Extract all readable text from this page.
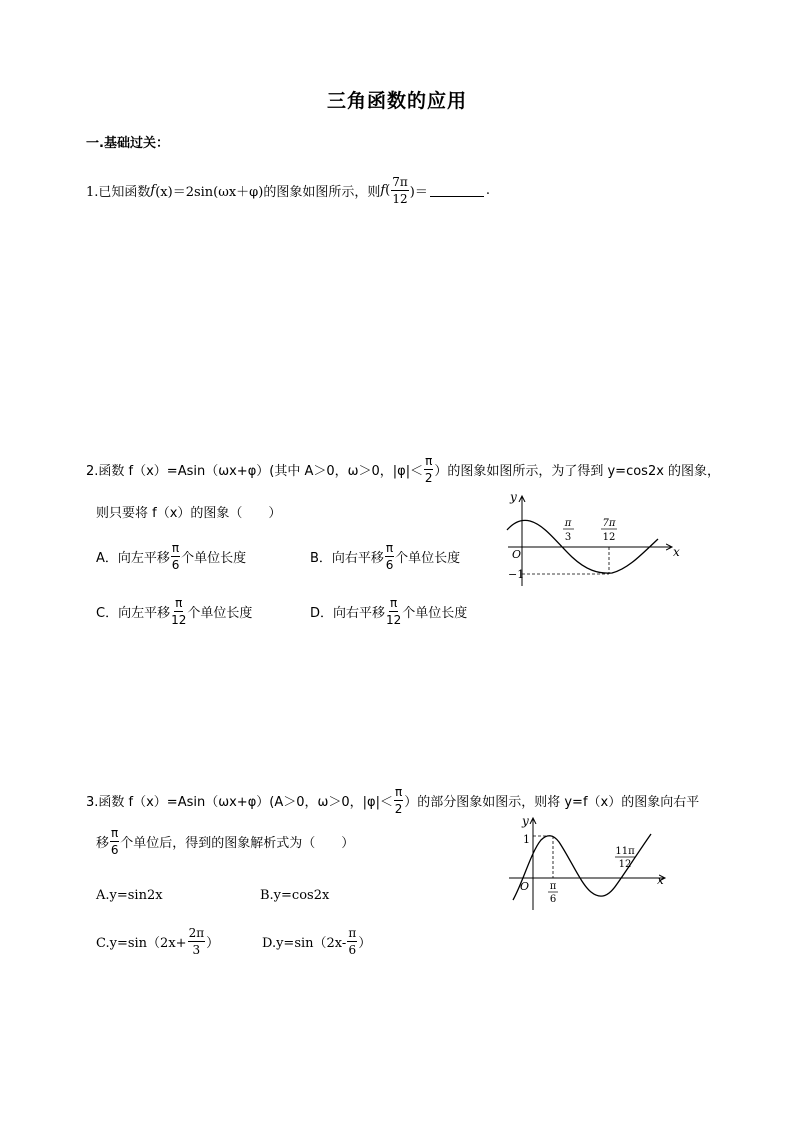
三角函数的应用
一.基础过关：
1.已知函数 f (x)＝2sin(ωx＋φ)的图象如图所示，则 f ( $\frac{7\pi}{12}$ )＝	.
2.函数 f（x）=Asin（ωx+φ）(其中 A＞0，ω＞0，$|\varphi|< \frac{\pi}{2}$ ）的图象如图所示，为了得到 y=cos2x 的图象，
则只要将 f（x）的图象（　　）
A．向左平移 $\frac{\pi}{6}$ 个单位长度	B．向右平移 $\frac{\pi}{6}$ 个单位长度
C．向左平移 $\frac{\pi}{12}$ 个单位长度	D．向右平移 $\frac{\pi}{12}$ 个单位长度
y
x
O
π
3
7π
12
−1
3.函数 f（x）=Asin（ωx+φ）(A＞0，ω＞0，$|\varphi|< \frac{\pi}{2}$ ）的部分图象如图示，则将 y=f（x）的图象向右平
移 $\frac{\pi}{6}$ 个单位后，得到的图象解析式为（　　）
A.y=sin2x	B.y=cos2x
$C.y=\sin(2x+ \frac{2\pi}{3}$ ）	$D.y=\sin(2x- \frac{\pi}{6}$ ）
y
x
O
1
π
6
11π
12
